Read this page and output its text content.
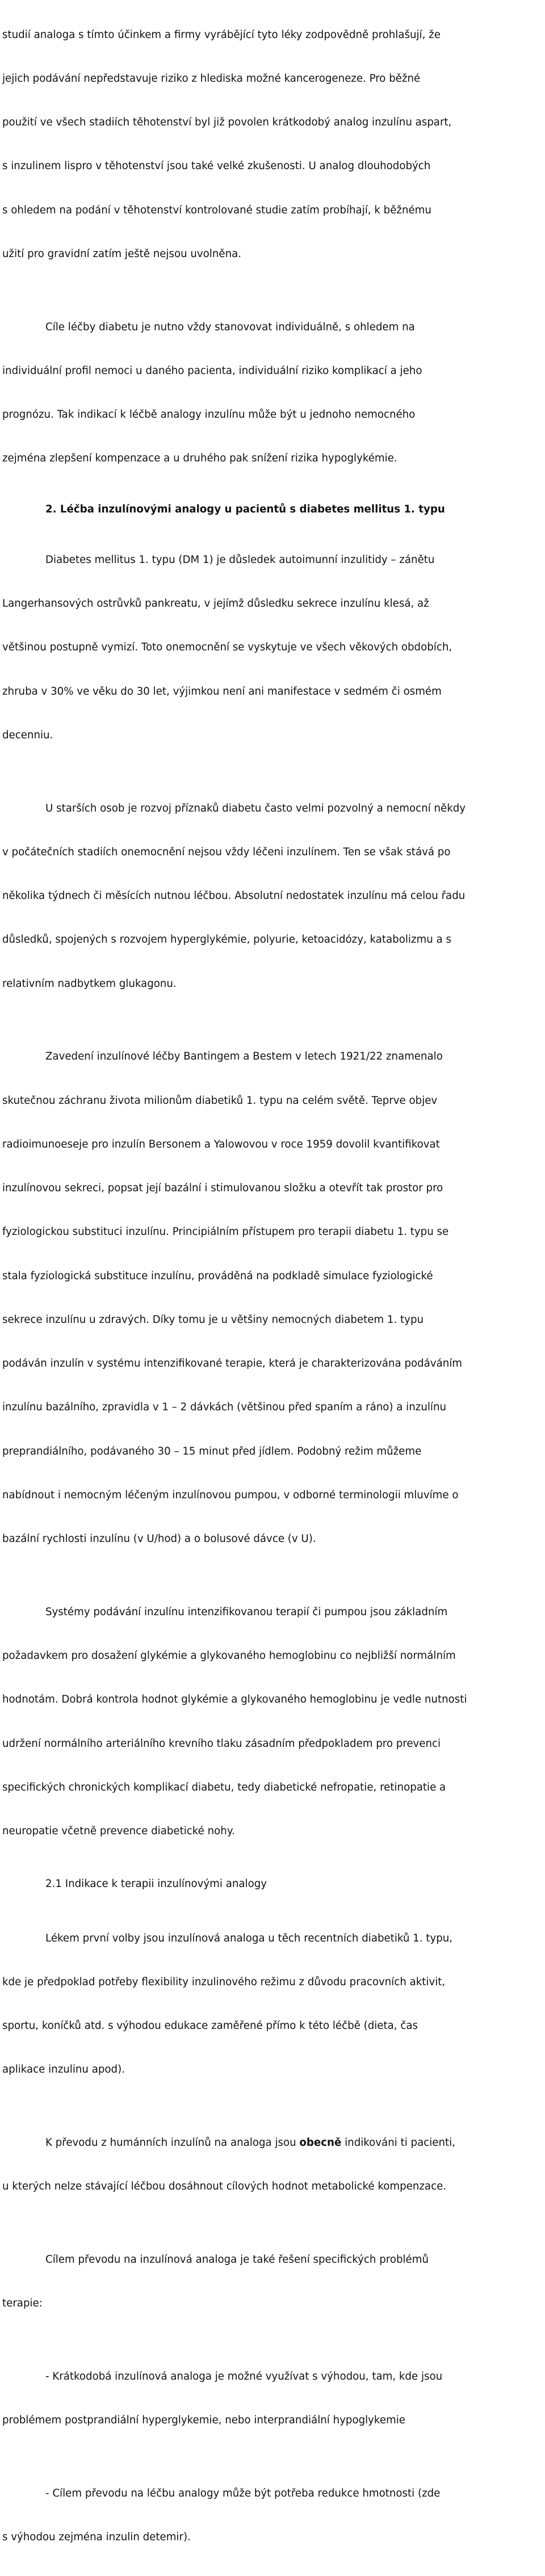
studií analoga s tímto účinkem a firmy vyrábějící tyto léky zodpovědně prohlašují, že

jejich podávání nepředstavuje riziko z hlediska možné kancerogeneze. Pro běžné

použití ve všech stadiích těhotenství byl již povolen krátkodobý analog inzulínu aspart,

s inzulinem lispro v těhotenství jsou také velké zkušenosti. U analog dlouhodobých

s ohledem na podání v těhotenství kontrolované studie zatím probíhají, k běžnému

užití pro gravidní zatím ještě nejsou uvolněna.

Cíle léčby diabetu je nutno vždy stanovovat individuálně, s ohledem na

individuální profil nemoci u daného pacienta, individuální riziko komplikací a jeho

prognózu. Tak indikací k léčbě analogy inzulínu může být u jednoho nemocného

zejména zlepšení kompenzace a u druhého pak snížení rizika hypoglykémie.

2. Léčba inzulínovými analogy u pacientů s diabetes mellitus 1. typu

Diabetes mellitus 1. typu (DM 1) je důsledek autoimunní inzulitidy – zánětu

Langerhansových ostrůvků pankreatu, v jejímž důsledku sekrece inzulínu klesá, až

většinou postupně vymizí. Toto onemocnění se vyskytuje ve všech věkových obdobích,

zhruba v 30% ve věku do 30 let, výjimkou není ani manifestace v sedmém či osmém

decenniu.

U starších osob je rozvoj příznaků diabetu často velmi pozvolný a nemocní někdy

v počátečních stadiích onemocnění nejsou vždy léčeni inzulínem. Ten se však stává po

několika týdnech či měsících nutnou léčbou. Absolutní nedostatek inzulínu má celou řadu

důsledků, spojených s rozvojem hyperglykémie, polyurie, ketoacidózy, katabolizmu a s

relativním nadbytkem glukagonu.

Zavedení inzulínové léčby Bantingem a Bestem v letech 1921/22 znamenalo

skutečnou záchranu života milionům diabetiků 1. typu na celém světě. Teprve objev

radioimunoeseje pro inzulín Bersonem a Yalowovou v roce 1959 dovolil kvantifikovat

inzulínovou sekreci, popsat její bazální i stimulovanou složku a otevřít tak prostor pro

fyziologickou substituci inzulínu. Principiálním přístupem pro terapii diabetu 1. typu se

stala fyziologická substituce inzulínu, prováděná na podkladě simulace fyziologické

sekrece inzulínu u zdravých. Díky tomu je u většiny nemocných diabetem 1. typu

podáván inzulín v systému intenzifikované terapie, která je charakterizována podáváním

inzulínu bazálního, zpravidla v 1 – 2 dávkách (většinou před spaním a ráno) a inzulínu

preprandiálního, podávaného 30 – 15 minut před jídlem. Podobný režim můžeme

nabídnout i nemocným léčeným inzulínovou pumpou, v odborné terminologii mluvíme o

bazální rychlosti inzulínu (v U/hod) a o bolusové dávce (v U).

Systémy podávání inzulínu intenzifikovanou terapií či pumpou jsou základním

požadavkem pro dosažení glykémie a glykovaného hemoglobinu co nejbližší normálním

hodnotám. Dobrá kontrola hodnot glykémie a glykovaného hemoglobinu je vedle nutnosti

udržení normálního arteriálního krevního tlaku zásadním předpokladem pro prevenci

specifických chronických komplikací diabetu, tedy diabetické nefropatie, retinopatie a

neuropatie včetně prevence diabetické nohy.

2.1 Indikace k terapii inzulínovými analogy

Lékem první volby jsou inzulínová analoga u těch recentních diabetiků 1. typu,

kde je předpoklad potřeby flexibility inzulinového režimu z důvodu pracovních aktivit,

sportu, koníčků atd. s výhodou edukace zaměřené přímo k této léčbě (dieta, čas

aplikace inzulinu apod).

K převodu z humánních inzulínů na analoga jsou obecně indikováni ti pacienti,

u kterých nelze stávající léčbou dosáhnout cílových hodnot metabolické kompenzace.

Cílem převodu na inzulínová analoga je také řešení specifických problémů

terapie:

- Krátkodobá inzulínová analoga je možné využívat s výhodou, tam, kde jsou

problémem postprandiální hyperglykemie, nebo interprandiální hypoglykemie

- Cílem převodu na léčbu analogy může být potřeba redukce hmotnosti (zde

s výhodou zejména inzulin detemir).
